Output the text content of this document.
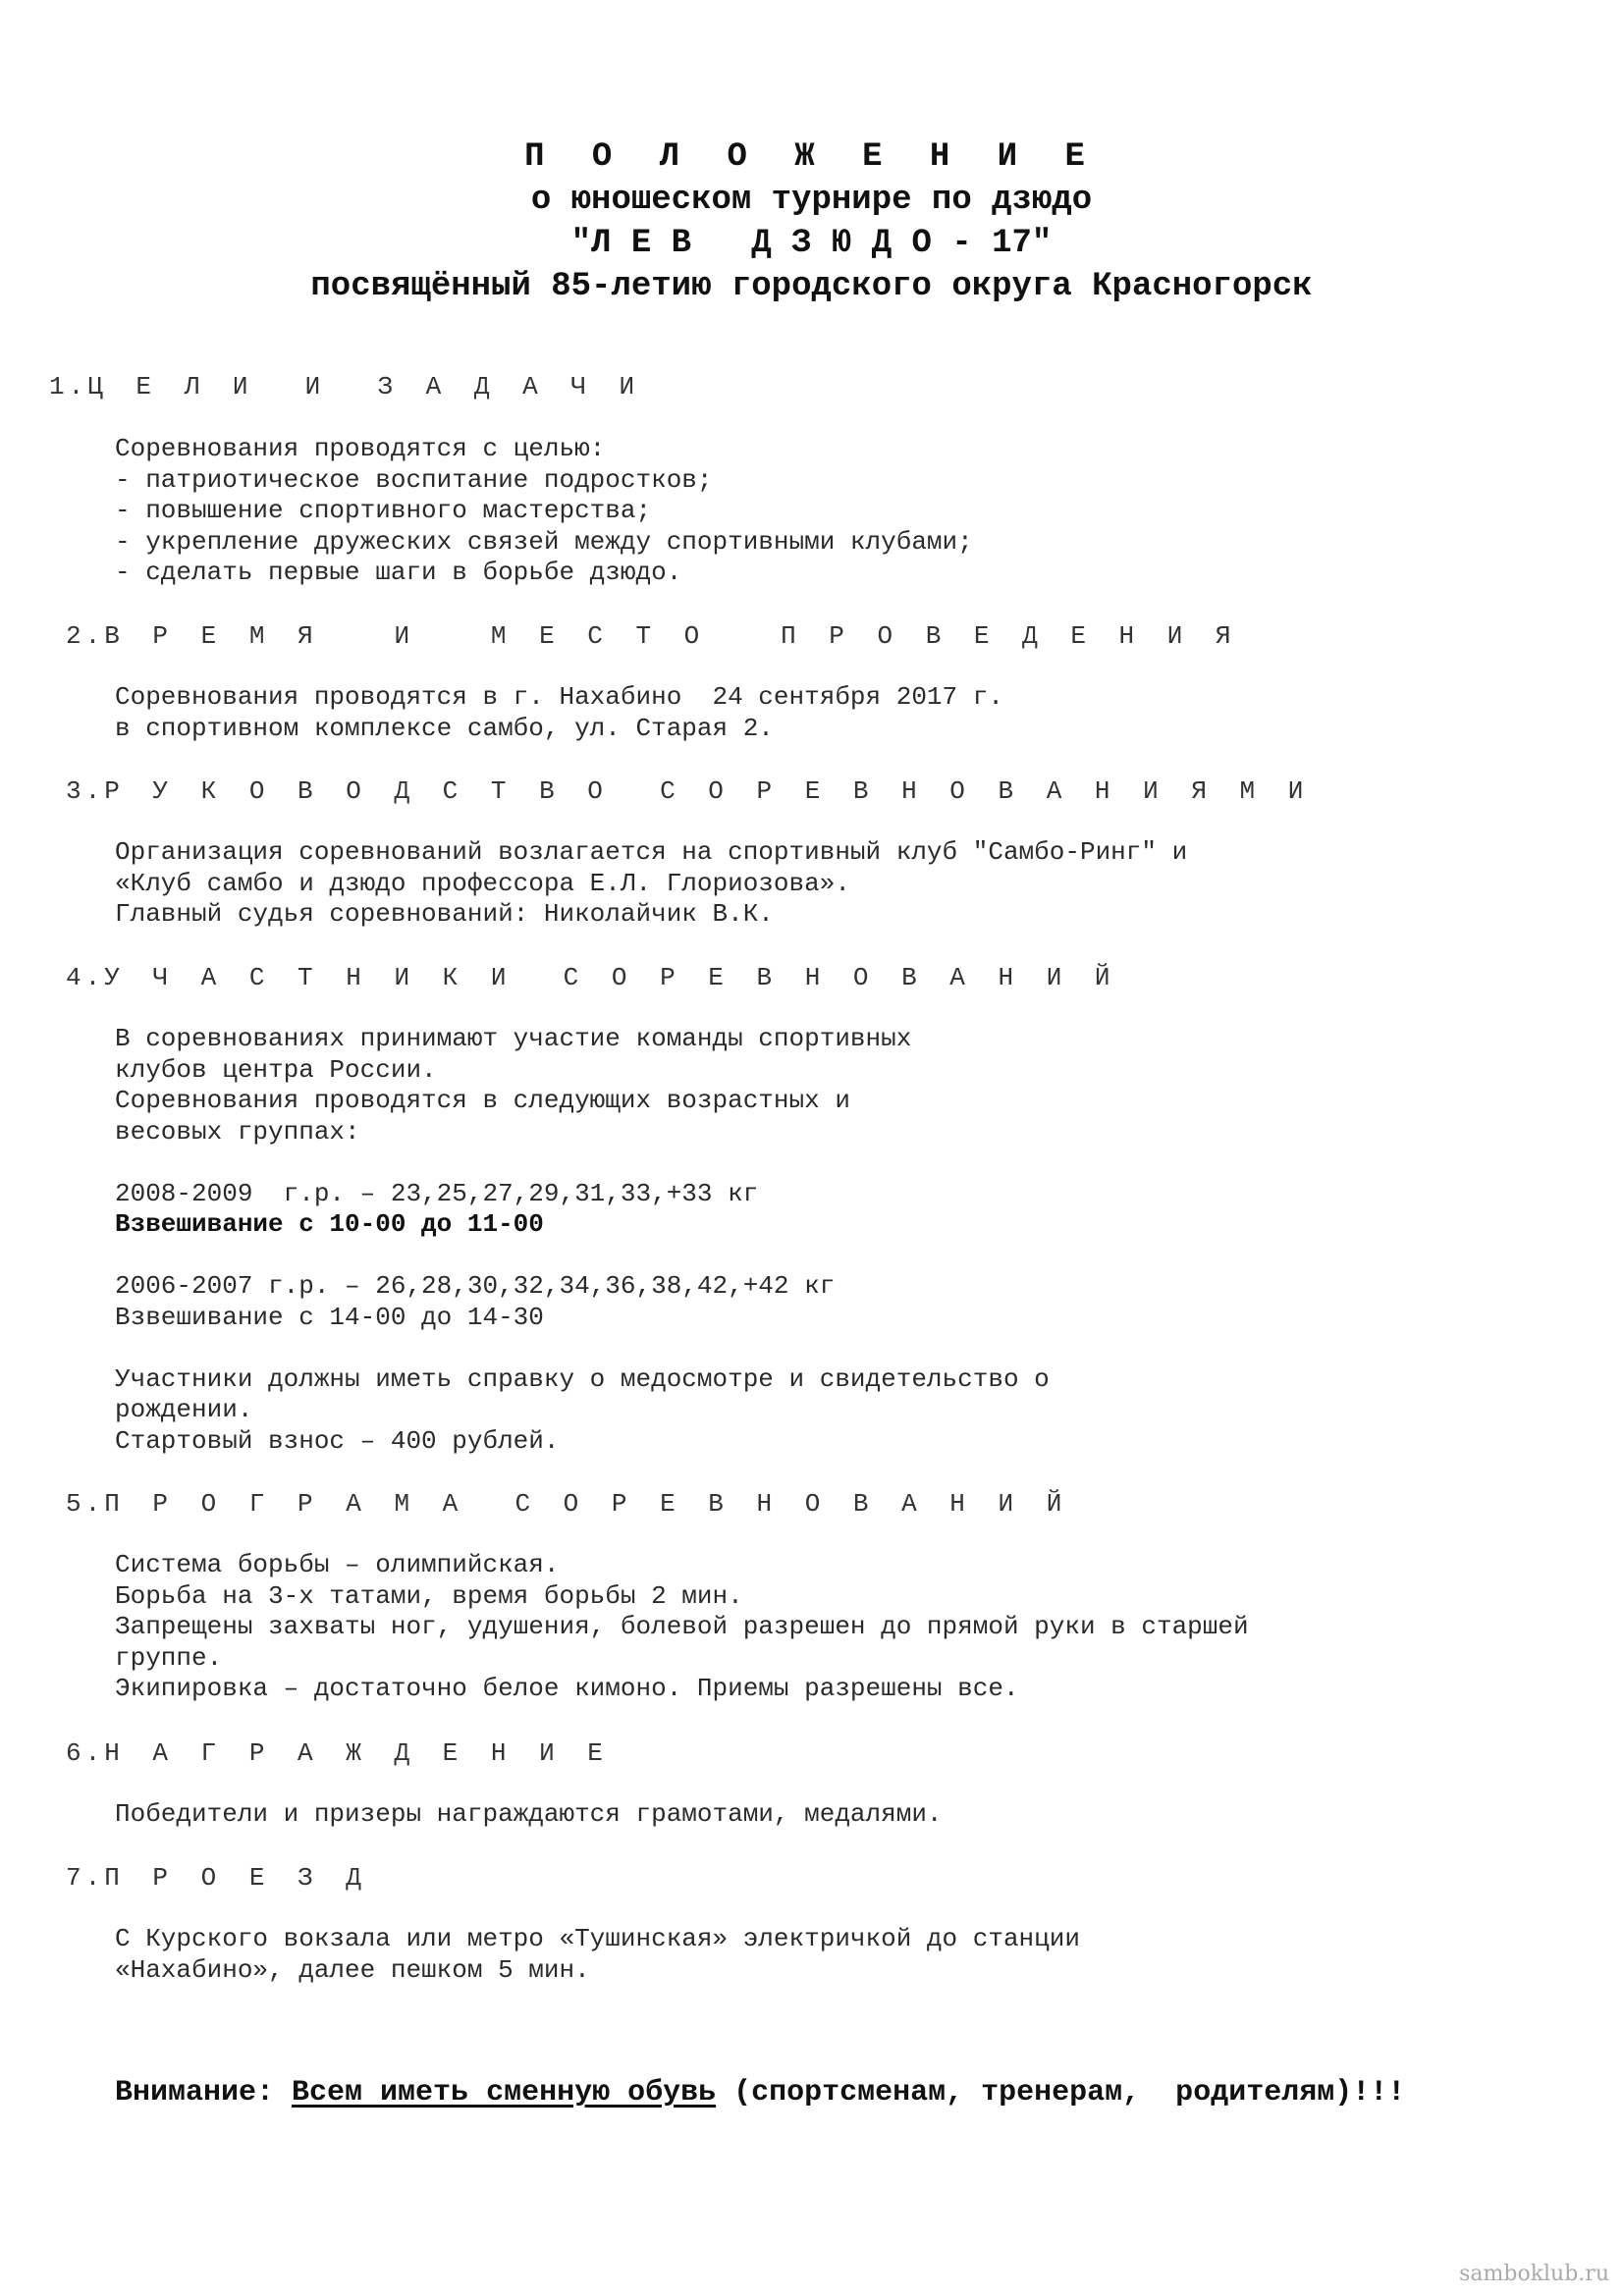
П О Л О Ж Е Н И Е
о юношеском турнире по дзюдо
"Л Е В   Д З Ю Д О - 17"
посвящённый 85-летию городского округа Красногорск
1.Ц Е Л И  И  З А Д А Ч И
Соревнования проводятся с целью:
- патриотическое воспитание подростков;
- повышение спортивного мастерства;
- укрепление дружеских связей между спортивными клубами;
- сделать первые шаги в борьбе дзюдо.
2.В Р Е М Я   И   М Е С Т О   П Р О В Е Д Е Н И Я
Соревнования проводятся в г. Нахабино  24 сентября 2017 г.
в спортивном комплексе самбо, ул. Старая 2.
3.Р У К О В О Д С Т В О  С О Р Е В Н О В А Н И Я М И
Организация соревнований возлагается на спортивный клуб "Самбо-Ринг" и
«Клуб самбо и дзюдо профессора Е.Л. Глориозова».
Главный судья соревнований: Николайчик В.К.
4.У Ч А С Т Н И К И  С О Р Е В Н О В А Н И Й
В соревнованиях принимают участие команды спортивных
клубов центра России.
Соревнования проводятся в следующих возрастных и
весовых группах:
2008-2009  г.р. – 23,25,27,29,31,33,+33 кг
Взвешивание с 10-00 до 11-00
2006-2007 г.р. – 26,28,30,32,34,36,38,42,+42 кг
Взвешивание с 14-00 до 14-30
Участники должны иметь справку о медосмотре и свидетельство о
рождении.
Стартовый взнос – 400 рублей.
5.П Р О Г Р А М А  С О Р Е В Н О В А Н И Й
Система борьбы – олимпийская.
Борьба на 3-х татами, время борьбы 2 мин.
Запрещены захваты ног, удушения, болевой разрешен до прямой руки в старшей
группе.
Экипировка – достаточно белое кимоно. Приемы разрешены все.
6.Н А Г Р А Ж Д Е Н И Е
Победители и призеры награждаются грамотами, медалями.
7.П Р О Е З Д
С Курского вокзала или метро «Тушинская» электричкой до станции
«Нахабино», далее пешком 5 мин.
Внимание: Всем иметь сменную обувь (спортсменам, тренерам,  родителям)!!!
samboklub.ru
